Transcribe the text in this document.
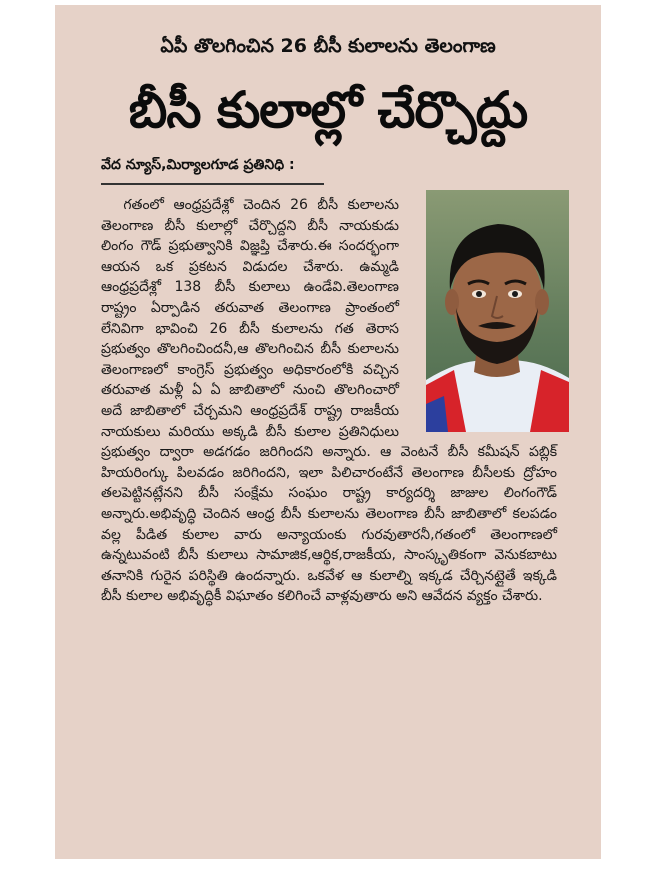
ఏపీ తొలగించిన 26 బీసీ కులాలను తెలంగాణ
బీసీ కులాల్లో చేర్చొద్దు
వేద న్యూస్,మిర్యాలగూడ ప్రతినిధి :

గతంలో ఆంధ్రప్రదేశ్లో చెందిన 26 బీసీ కులాలను తెలంగాణ బీసీ కులాల్లో చేర్చొద్దని బీసీ నాయకుడు లింగం గౌడ్ ప్రభుత్వానికి విజ్ఞప్తి చేశారు.ఈ సందర్భంగా ఆయన ఒక ప్రకటన విడుదల చేశారు. ఉమ్మడి ఆంధ్రప్రదేశ్లో 138 బీసీ కులాలు ఉండేవి.తెలంగాణ రాష్ట్రం ఏర్పాడిన తరువాత తెలంగాణ ప్రాంతంలో లేనివిగా భావించి 26 బీసీ కులాలను గత తెరాస ప్రభుత్వం తొలగించిందనీ,ఆ తొలగించిన బీసీ కులాలను తెలంగాణలో కాంగ్రెస్ ప్రభుత్వం అధికారంలోకి వచ్చిన తరువాత మళ్లీ ఏ ఏ జాబితాలో నుంచి తొలగించారో అదే జాబితాలో చేర్చమని ఆంధ్రప్రదేశ్ రాష్ట్ర రాజకీయ నాయకులు మరియు అక్కడి బీసీ కులాల ప్రతినిధులు ప్రభుత్వం ద్వారా అడగడం జరిగిందని అన్నారు. ఆ వెంటనే బీసీ కమీషన్ పబ్లిక్ హియరింగ్కు పిలవడం జరిగిందని, ఇలా పిలిచారంటేనే తెలంగాణ బీసీలకు ద్రోహం తలపెట్టినట్లేనని బీసీ సంక్షేమ సంఘం రాష్ట్ర కార్యదర్శి జాజుల లింగంగౌడ్ అన్నారు.అభివృద్ధి చెందిన ఆంధ్ర బీసీ కులాలను తెలంగాణ బీసీ జాబితాలో కలపడం వల్ల పీడిత కులాల వారు అన్యాయంకు గురవుతారనీ,గతంలో తెలంగాణలో ఉన్నటువంటి బీసీ కులాలు సామాజిక,ఆర్థిక,రాజకీయ, సాంస్కృతికంగా వెనుకబాటు తనానికి గురైన పరిస్థితి ఉందన్నారు. ఒకవేళ ఆ కులాల్ని ఇక్కడ చేర్చినట్లైతే ఇక్కడి బీసీ కులాల అభివృద్ధికీ విఘాతం కలిగించే వాళ్లవుతారు అని ఆవేదన వ్యక్తం చేశారు.
